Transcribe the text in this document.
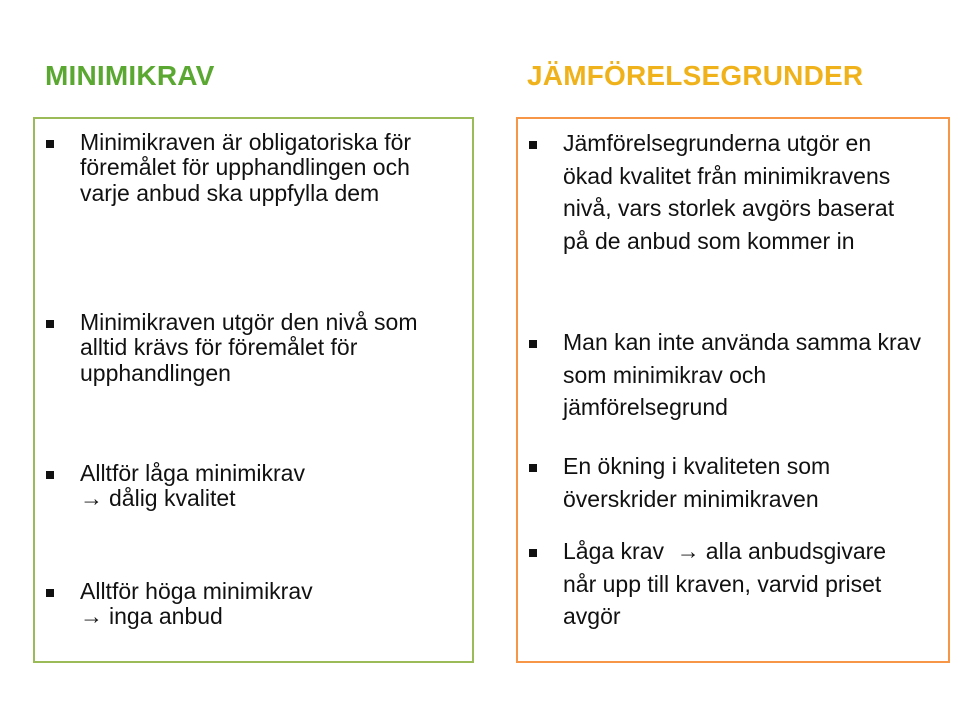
MINIMIKRAV	JÄMFÖRELSEGRUNDER
Minimikraven är obligatoriska för föremålet för upphandlingen och varje anbud ska uppfylla dem
Minimikraven utgör den nivå som alltid krävs för föremålet för upphandlingen
Alltför låga minimikrav
→ dålig kvalitet
Alltför höga minimikrav
→ inga anbud
Jämförelsegrunderna utgör en ökad kvalitet från minimikravens nivå, vars storlek avgörs baserat på de anbud som kommer in
Man kan inte använda samma krav som minimikrav och jämförelsegrund
En ökning i kvaliteten som överskrider minimikraven
Låga krav → alla anbudsgivare når upp till kraven, varvid priset avgör
